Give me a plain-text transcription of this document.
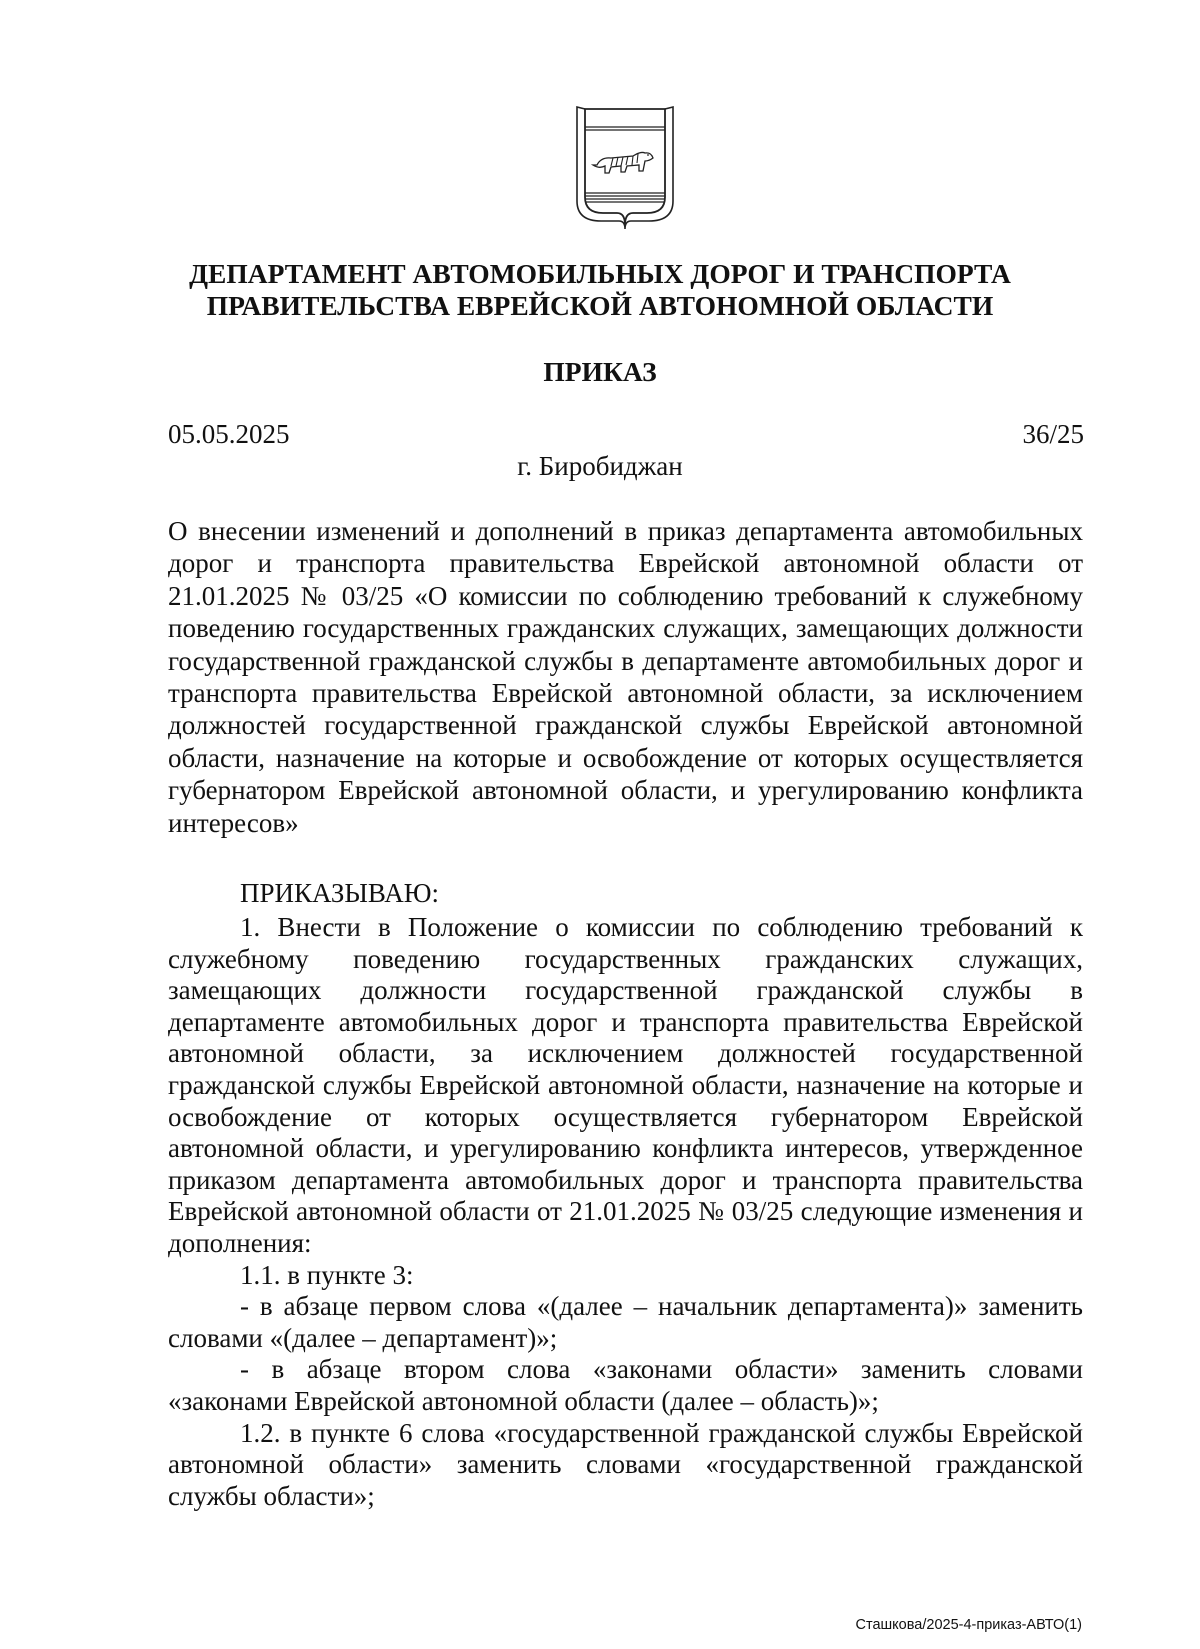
ДЕПАРТАМЕНТ АВТОМОБИЛЬНЫХ ДОРОГ И ТРАНСПОРТА
ПРАВИТЕЛЬСТВА ЕВРЕЙСКОЙ АВТОНОМНОЙ ОБЛАСТИ
ПРИКАЗ
05.05.2025	36/25
г. Биробиджан
О внесении изменений и дополнений в приказ департамента автомобильных дорог и транспорта правительства Еврейской автономной области от 21.01.2025 № 03/25 «О комиссии по соблюдению требований к служебному поведению государственных гражданских служащих, замещающих должности государственной гражданской службы в департаменте автомобильных дорог и транспорта правительства Еврейской автономной области, за исключением должностей государственной гражданской службы Еврейской автономной области, назначение на которые и освобождение от которых осуществляется губернатором Еврейской автономной области, и урегулированию конфликта интересов»
ПРИКАЗЫВАЮ:

1. Внести в Положение о комиссии по соблюдению требований к служебному поведению государственных гражданских служащих, замещающих должности государственной гражданской службы в департаменте автомобильных дорог и транспорта правительства Еврейской автономной области, за исключением должностей государственной гражданской службы Еврейской автономной области, назначение на которые и освобождение от которых осуществляется губернатором Еврейской автономной области, и урегулированию конфликта интересов, утвержденное приказом департамента автомобильных дорог и транспорта правительства Еврейской автономной области от 21.01.2025 № 03/25 следующие изменения и дополнения:

1.1. в пункте 3:

- в абзаце первом слова «(далее – начальник департамента)» заменить словами «(далее – департамент)»;

- в абзаце втором слова «законами области» заменить словами «законами Еврейской автономной области (далее – область)»;

1.2. в пункте 6 слова «государственной гражданской службы Еврейской автономной области» заменить словами «государственной гражданской службы области»;

Сташкова/2025-4-приказ-АВТО(1)
